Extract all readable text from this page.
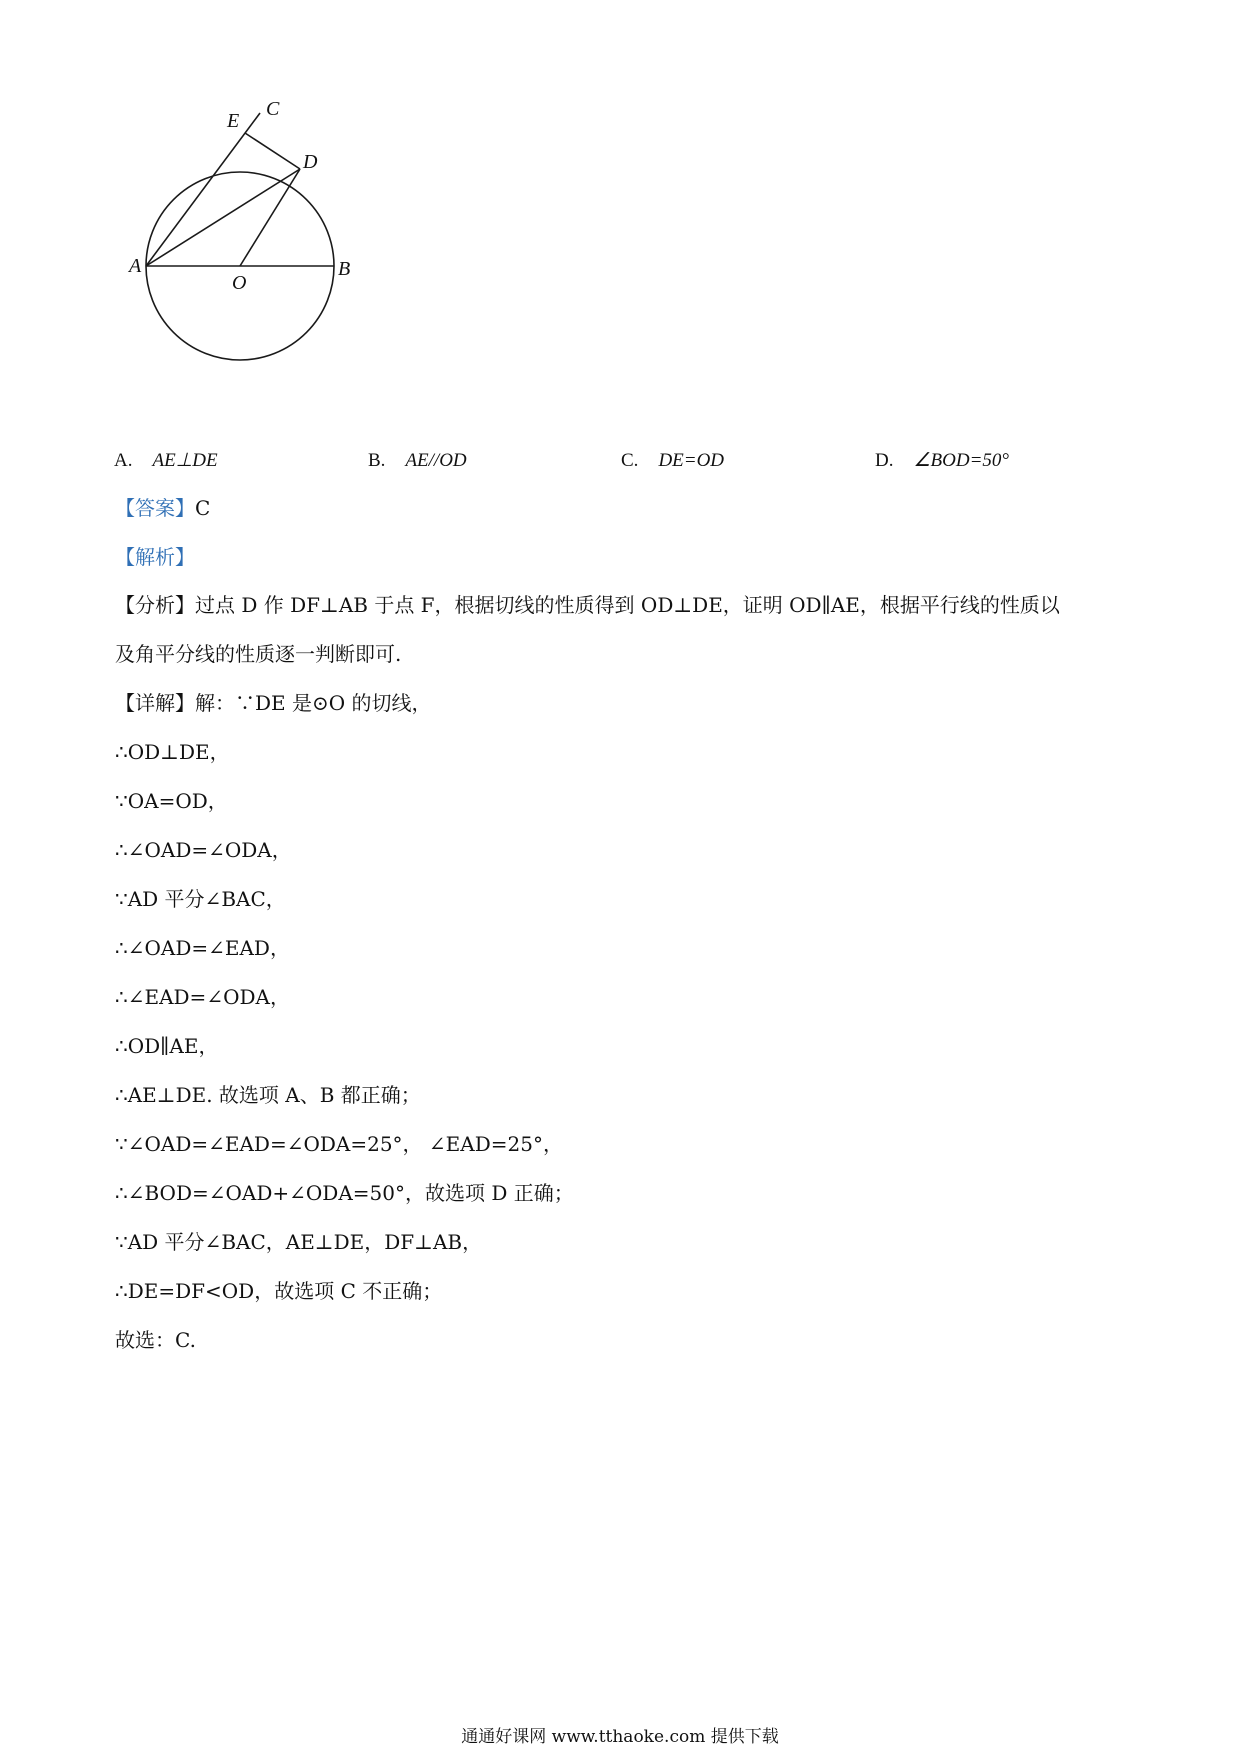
A	B
C
D
E
O
A. AE⊥DE	B. AE//OD	C. DE=OD	D. ∠BOD=50°
【答案】C
【解析】
【分析】过点 D 作 DF⊥AB 于点 F，根据切线的性质得到 OD⊥DE，证明 OD∥AE，根据平行线的性质以
及角平分线的性质逐一判断即可.
【详解】解：∵DE 是⊙O 的切线，
∴OD⊥DE，
∵OA=OD，
∴∠OAD=∠ODA，
∵AD 平分∠BAC，
∴∠OAD=∠EAD，
∴∠EAD=∠ODA，
∴OD∥AE，
∴AE⊥DE. 故选项 A、B 都正确；
∵∠OAD=∠EAD=∠ODA=25°， ∠EAD=25°，
∴∠BOD=∠OAD+∠ODA=50°，故选项 D 正确；
∵AD 平分∠BAC，AE⊥DE，DF⊥AB，
∴DE=DF<OD，故选项 C 不正确；
故选：C.
通通好课网 www.tthaoke.com 提供下载
